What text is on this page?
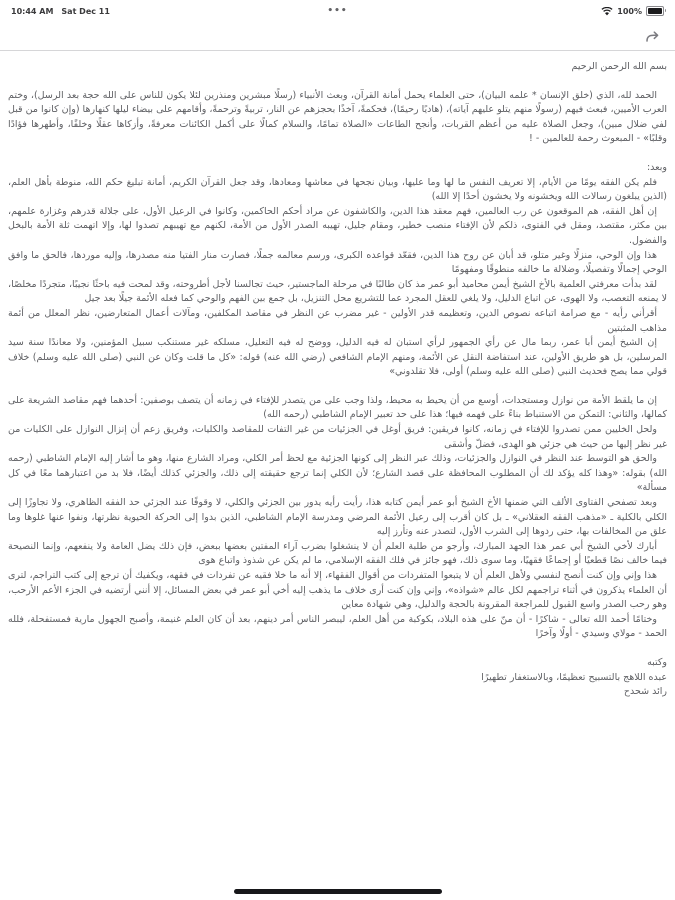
10:44 AM Sat Dec 11	•••	100%
بسم الله الرحمن الرحيم

الحمد لله، الذي (خلق الإنسان * علمه البيان)، حتى العلماء يحمل أمانة القرآن، وبعث الأنبياء (رسلًا مبشرين ومنذرين لئلا يكون للناس على الله حجة بعد الرسل)، وختم العرب الأميين، فبعث فيهم (رسولًا منهم يتلو عليهم آياته)، (هاديًا رحيمًا)، فحكمةً، آخذًا بحجزهم عن النار، تربيةً وترحمةً، وأقامهم على بيضاء ليلها كنهارها (وإن كانوا من قبل لفي ضلال مبين)، وجعل الصلاة عليه من أعظم القربات، وأنجح الطاعات «الصلاة تمامًا، والسلام كمالًا على أكمل الكائنات معرفةً، وأزكاها عقلًا وخلقًا، وأطهرها فؤادًا وقلبًا» - المبعوث رحمة للعالمين - !

وبعد:

فلم يكن الفقه يومًا من الأيام، إلا تعريف النفس ما لها وما عليها، وبيان نجحها في معاشها ومعادها، وقد جعل القرآن الكريم، أمانة تبليغ حكم الله، منوطة بأهل العلم، (الذين يبلغون رسالات الله ويخشونه ولا يخشون أحدًا إلا الله)

إن أهل الفقه، هم الموقعون عن رب العالمين، فهم معقد هذا الدين، والكاشفون عن مراد أحكم الحاكمين، وكانوا في الرعيل الأول، على جلالة قدرهم وغزارة علمهم، بين مكثر، مقتصد، ومقل في الفتوى، ذلكم لأن الإفتاء منصب خطير، ومقام جليل، تهيبه الصدر الأول من الأمة، لكنهم مع تهيبهم تصدوا لها، وإلا اتهمت ثلة الأمة بالبخل والفضول.

هذا وإن الوحي، منزلًا وغير متلو، قد أبان عن روح هذا الدين، فقعّد قواعده الكبرى، ورسم معالمه جملًا، فصارت منار الفتيا منه مصدرها، وإليه موردها، فالحق ما وافق الوحي إجمالًا وتفصيلًا، وضلالة ما خالفه منطوقًا ومفهومًا

لقد بدأت معرفتي العلمية بالأخ الشيخ أيمن محاميد أبو عمر مذ كان طالبًا في مرحلة الماجستير، حيث تجالسنا لأجل أطروحته، وقد لمحت فيه باحثًا نجيبًا، متجردًا مخلصًا، لا يمنعه التعصب، ولا الهوى، عن اتباع الدليل، ولا يلغي للعقل المجرد عما للتشريع محل التنزيل، بل جمع بين الفهم والوحي كما فعله الأئمة جيلًا بعد جيل

أقرأني رأيه - مع صرامة اتباعه نصوص الدين، وتعظيمه قدر الأولين - غير مضرب عن النظر في مقاصد المكلفين، ومآلات أعمال المتعارضين، نظر المعلل من أئمة مذاهب المثبتين

إن الشيخ أيمن أبا عمر، ربما مال عن رأي الجمهور لرأي استبان له فيه الدليل، ووضح له فيه التعليل، مسلكه غير مستنكب سبيل المؤمنين، ولا معاندًا سنة سيد المرسلين، بل هو طريق الأولين، عند استفاضة النقل عن الأئمة، ومنهم الإمام الشافعي (رضي الله عنه) قوله: «كل ما قلت وكان عن النبي (صلى الله عليه وسلم) خلاف قولي مما يصح فحديث النبي (صلى الله عليه وسلم) أولى، فلا تقلدوني»

إن ما يلقط الأمة من نوازل ومستجدات، أوسع من أن يحيط به محيط، ولذا وجب على من يتصدر للإفتاء في زمانه أن يتصف بوصفين: أحدهما فهم مقاصد الشريعة على كمالها، والثاني: التمكن من الاستنباط بناءً على فهمه فيها؛ هذا على حد تعبير الإمام الشاطبي (رحمه الله)

ولحل الخليين ممن تصدروا للإفتاء في زمانه، كانوا فريقين: فريق أوغل في الجزئيات من غير التفات للمقاصد والكليات، وفريق زعم أن إنزال النوازل على الكليات من غير نظر إليها من حيث هي جزئي هو الهدى، فضلّ وأشقى

والحق هو التوسط عند النظر في النوازل والجزئيات، وذلك عبر النظر إلى كونها الجزئية مع لحظ أمر الكلي، ومراد الشارع منها، وهو ما أشار إليه الإمام الشاطبي (رحمه الله) بقوله: «وهذا كله يؤكد لك أن المطلوب المحافظة على قصد الشارع؛ لأن الكلي إنما ترجع حقيقته إلى ذلك، والجزئي كذلك أيضًا، فلا بد من اعتبارهما معًا في كل مسألة»

وبعد تصفحي الفتاوى الألف التي ضمنها الأخ الشيخ أبو عمر أيمن كتابه هذا، رأيت رأيه يدور بين الجزئي والكلي، لا وقوفًا عند الجزئي حد الفقه الظاهري، ولا تجاوزًا إلى الكلي بالكلية ـ «مذهب الفقه العقلاني» ـ بل كان أقرب إلى رعيل الأئمة المرضي ومدرسة الإمام الشاطبي، الذين بدوا إلى الحركة الحيوية نظرتها، ونفوا عنها غلوها وما علق من المخالفات بها، حتى ردوها إلى الشرب الأول، لتصدر عنه وتأرز إليه

أبارك لأخي الشيخ أبي عمر هذا الجهد المبارك، وأرجو من طلبة العلم أن لا ينشغلوا بضرب آراء المفتين بعضها ببعض، فإن ذلك يضل العامة ولا ينفعهم، وإنما النصيحة فيما خالف نصًا قطعيًا أو إجماعًا فقهيًا، وما سوى ذلك، فهو جائز في فلك الفقه الإسلامي، ما لم يكن عن شذوذ واتباع هوى

هذا وإني وإن كنت أنصح لنفسي ولأهل العلم أن لا يتبعوا المتفردات من أقوال الفقهاء، إلا أنه ما خلا فقيه عن تفردات في فقهه، ويكفيك أن ترجع إلى كتب التراجم، لترى أن العلماء يذكرون في أثناء تراجمهم لكل عالم «شواذه»، وإني وإن كنت أرى خلاف ما يذهب إليه أخي أبو عمر في بعض المسائل، إلا أنني أرتضيه في الجزء الأعم الأرحب، وهو رحب الصدر واسع القبول للمراجعة المقرونة بالحجة والدليل، وهي شهادة معاين

وختامًا أحمد الله تعالى - شاكرًا - أن منّ على هذه البلاد، بكوكبة من أهل العلم، ليبصر الناس أمر دينهم، بعد أن كان العلم غنيمة، وأصبح الجهول مارية فمستفحلة، فلله الحمد - مولاي وسيدي - أولًا وآخرًا

وكتبه
عبده اللاهج بالتسبيح تعظيمًا، وبالاستغفار تطهيرًا
رائد شحدح
